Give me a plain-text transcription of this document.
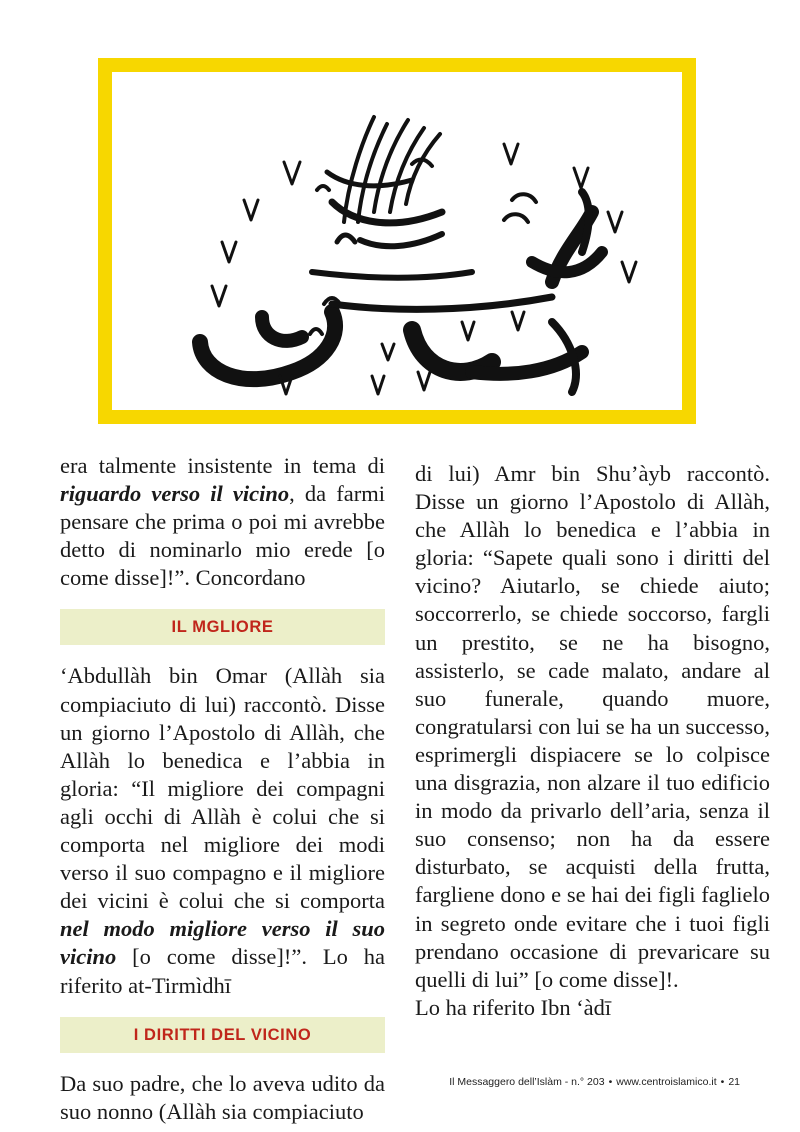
era talmente insistente in tema di riguardo verso il vicino, da farmi pensare che prima o poi mi avrebbe detto di nominarlo mio erede [o come disse]!”. Concordano

IL MGLIORE

‘Abdullàh bin Omar (Allàh sia compiaciuto di lui) raccontò. Disse un giorno l’Apostolo di Allàh, che Allàh lo benedica e l’abbia in gloria: “Il migliore dei compagni agli occhi di Allàh è colui che si comporta nel migliore dei modi verso il suo compagno e il migliore dei vicini è colui che si comporta nel modo migliore verso il suo vicino [o come disse]!”. Lo ha riferito at-Tirmìdhī

I DIRITTI DEL VICINO

Da suo padre, che lo aveva udito da suo nonno (Allàh sia compiaciuto

di lui) Amr bin Shu’àyb raccontò. Disse un giorno l’Apostolo di Allàh, che Allàh lo benedica e l’abbia in gloria: “Sapete quali sono i diritti del vicino? Aiutarlo, se chiede aiuto; soccorrerlo, se chiede soccorso, fargli un prestito, se ne ha bisogno, assisterlo, se cade malato, andare al suo funerale, quando muore, congratularsi con lui se ha un successo, esprimergli dispiacere se lo colpisce una disgrazia, non alzare il tuo edificio in modo da privarlo dell’aria, senza il suo consenso; non ha da essere disturbato, se acquisti della frutta, fargliene dono e se hai dei figli faglielo in segreto onde evitare che i tuoi figli prendano occasione di prevaricare su quelli di lui” [o come disse]!.

Lo ha riferito Ibn ‘àdī

Il Messaggero dell’Islàm - n.° 203 • www.centroislamico.it • 21
